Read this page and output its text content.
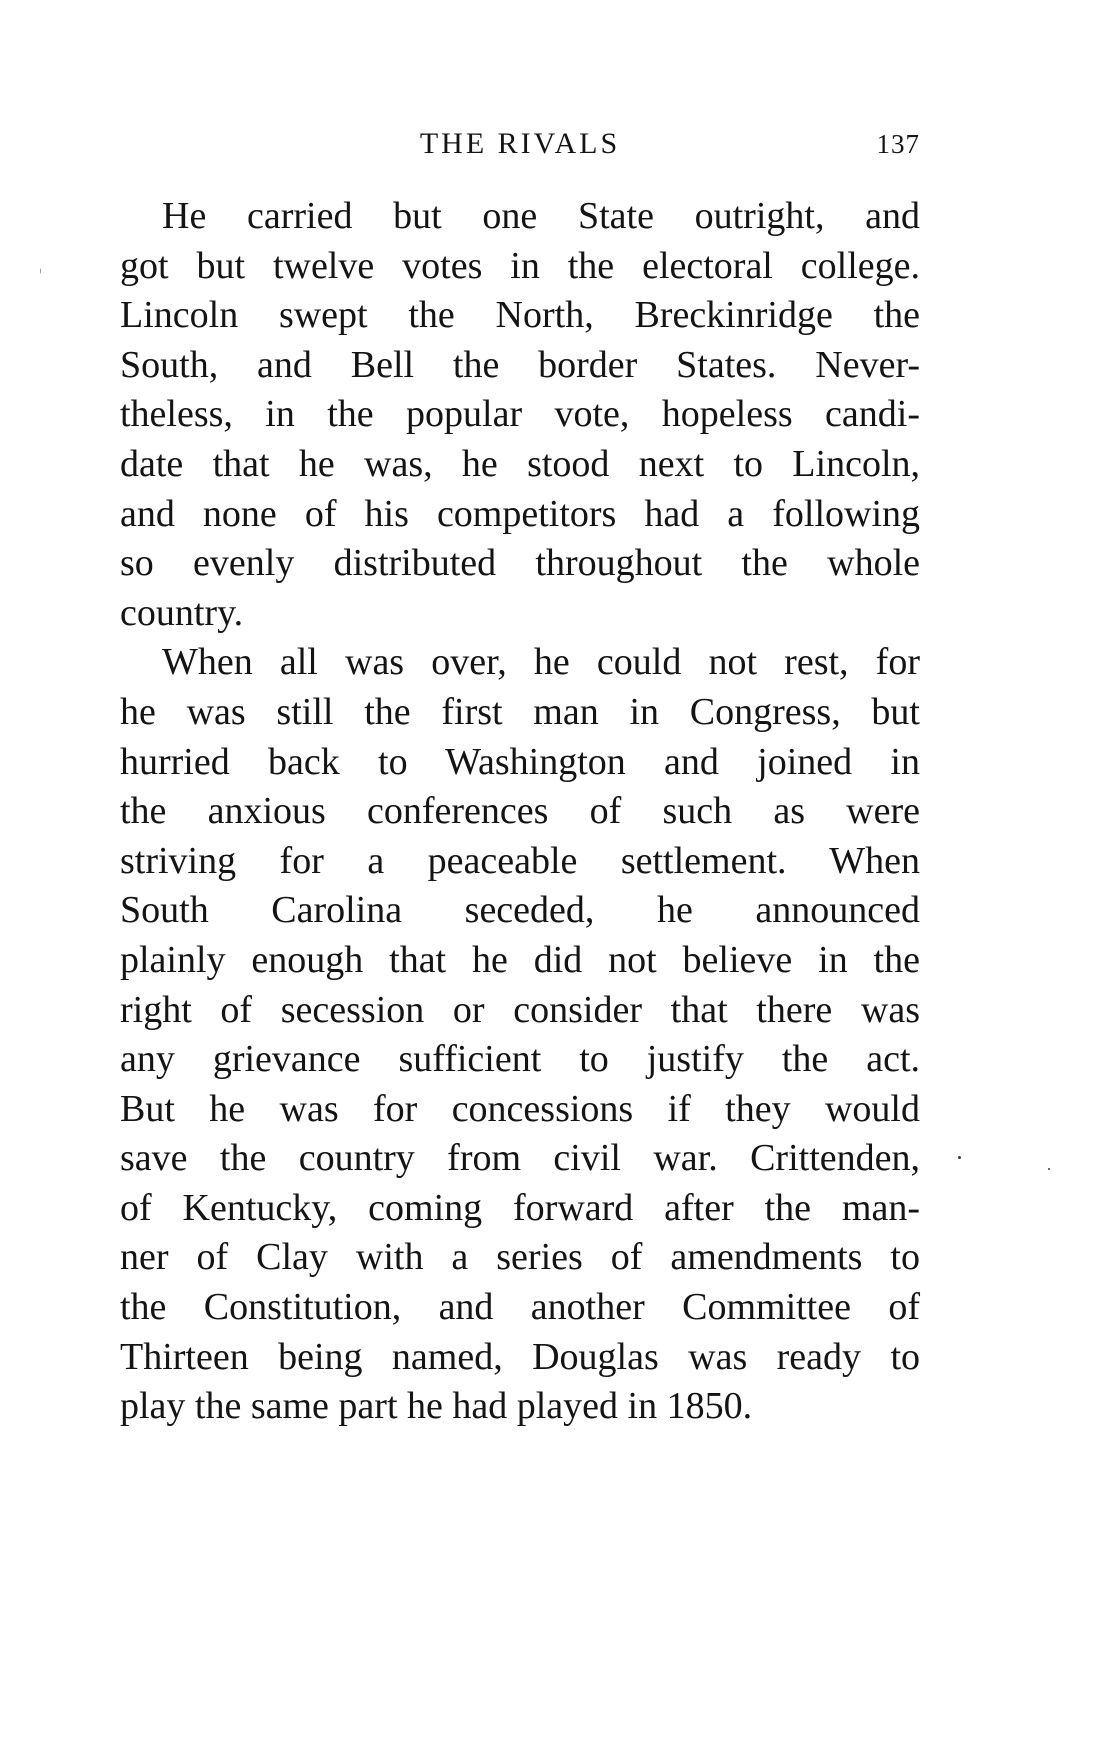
THE RIVALS	137
He carried but one State outright, and
got but twelve votes in the electoral college.
Lincoln swept the North, Breckinridge the
South, and Bell the border States. Never-
theless, in the popular vote, hopeless candi-
date that he was, he stood next to Lincoln,
and none of his competitors had a following
so evenly distributed throughout the whole
country.
When all was over, he could not rest, for
he was still the first man in Congress, but
hurried back to Washington and joined in
the anxious conferences of such as were
striving for a peaceable settlement. When
South Carolina seceded, he announced
plainly enough that he did not believe in the
right of secession or consider that there was
any grievance sufficient to justify the act.
But he was for concessions if they would
save the country from civil war. Crittenden,
of Kentucky, coming forward after the man-
ner of Clay with a series of amendments to
the Constitution, and another Committee of
Thirteen being named, Douglas was ready to
play the same part he had played in 1850.
